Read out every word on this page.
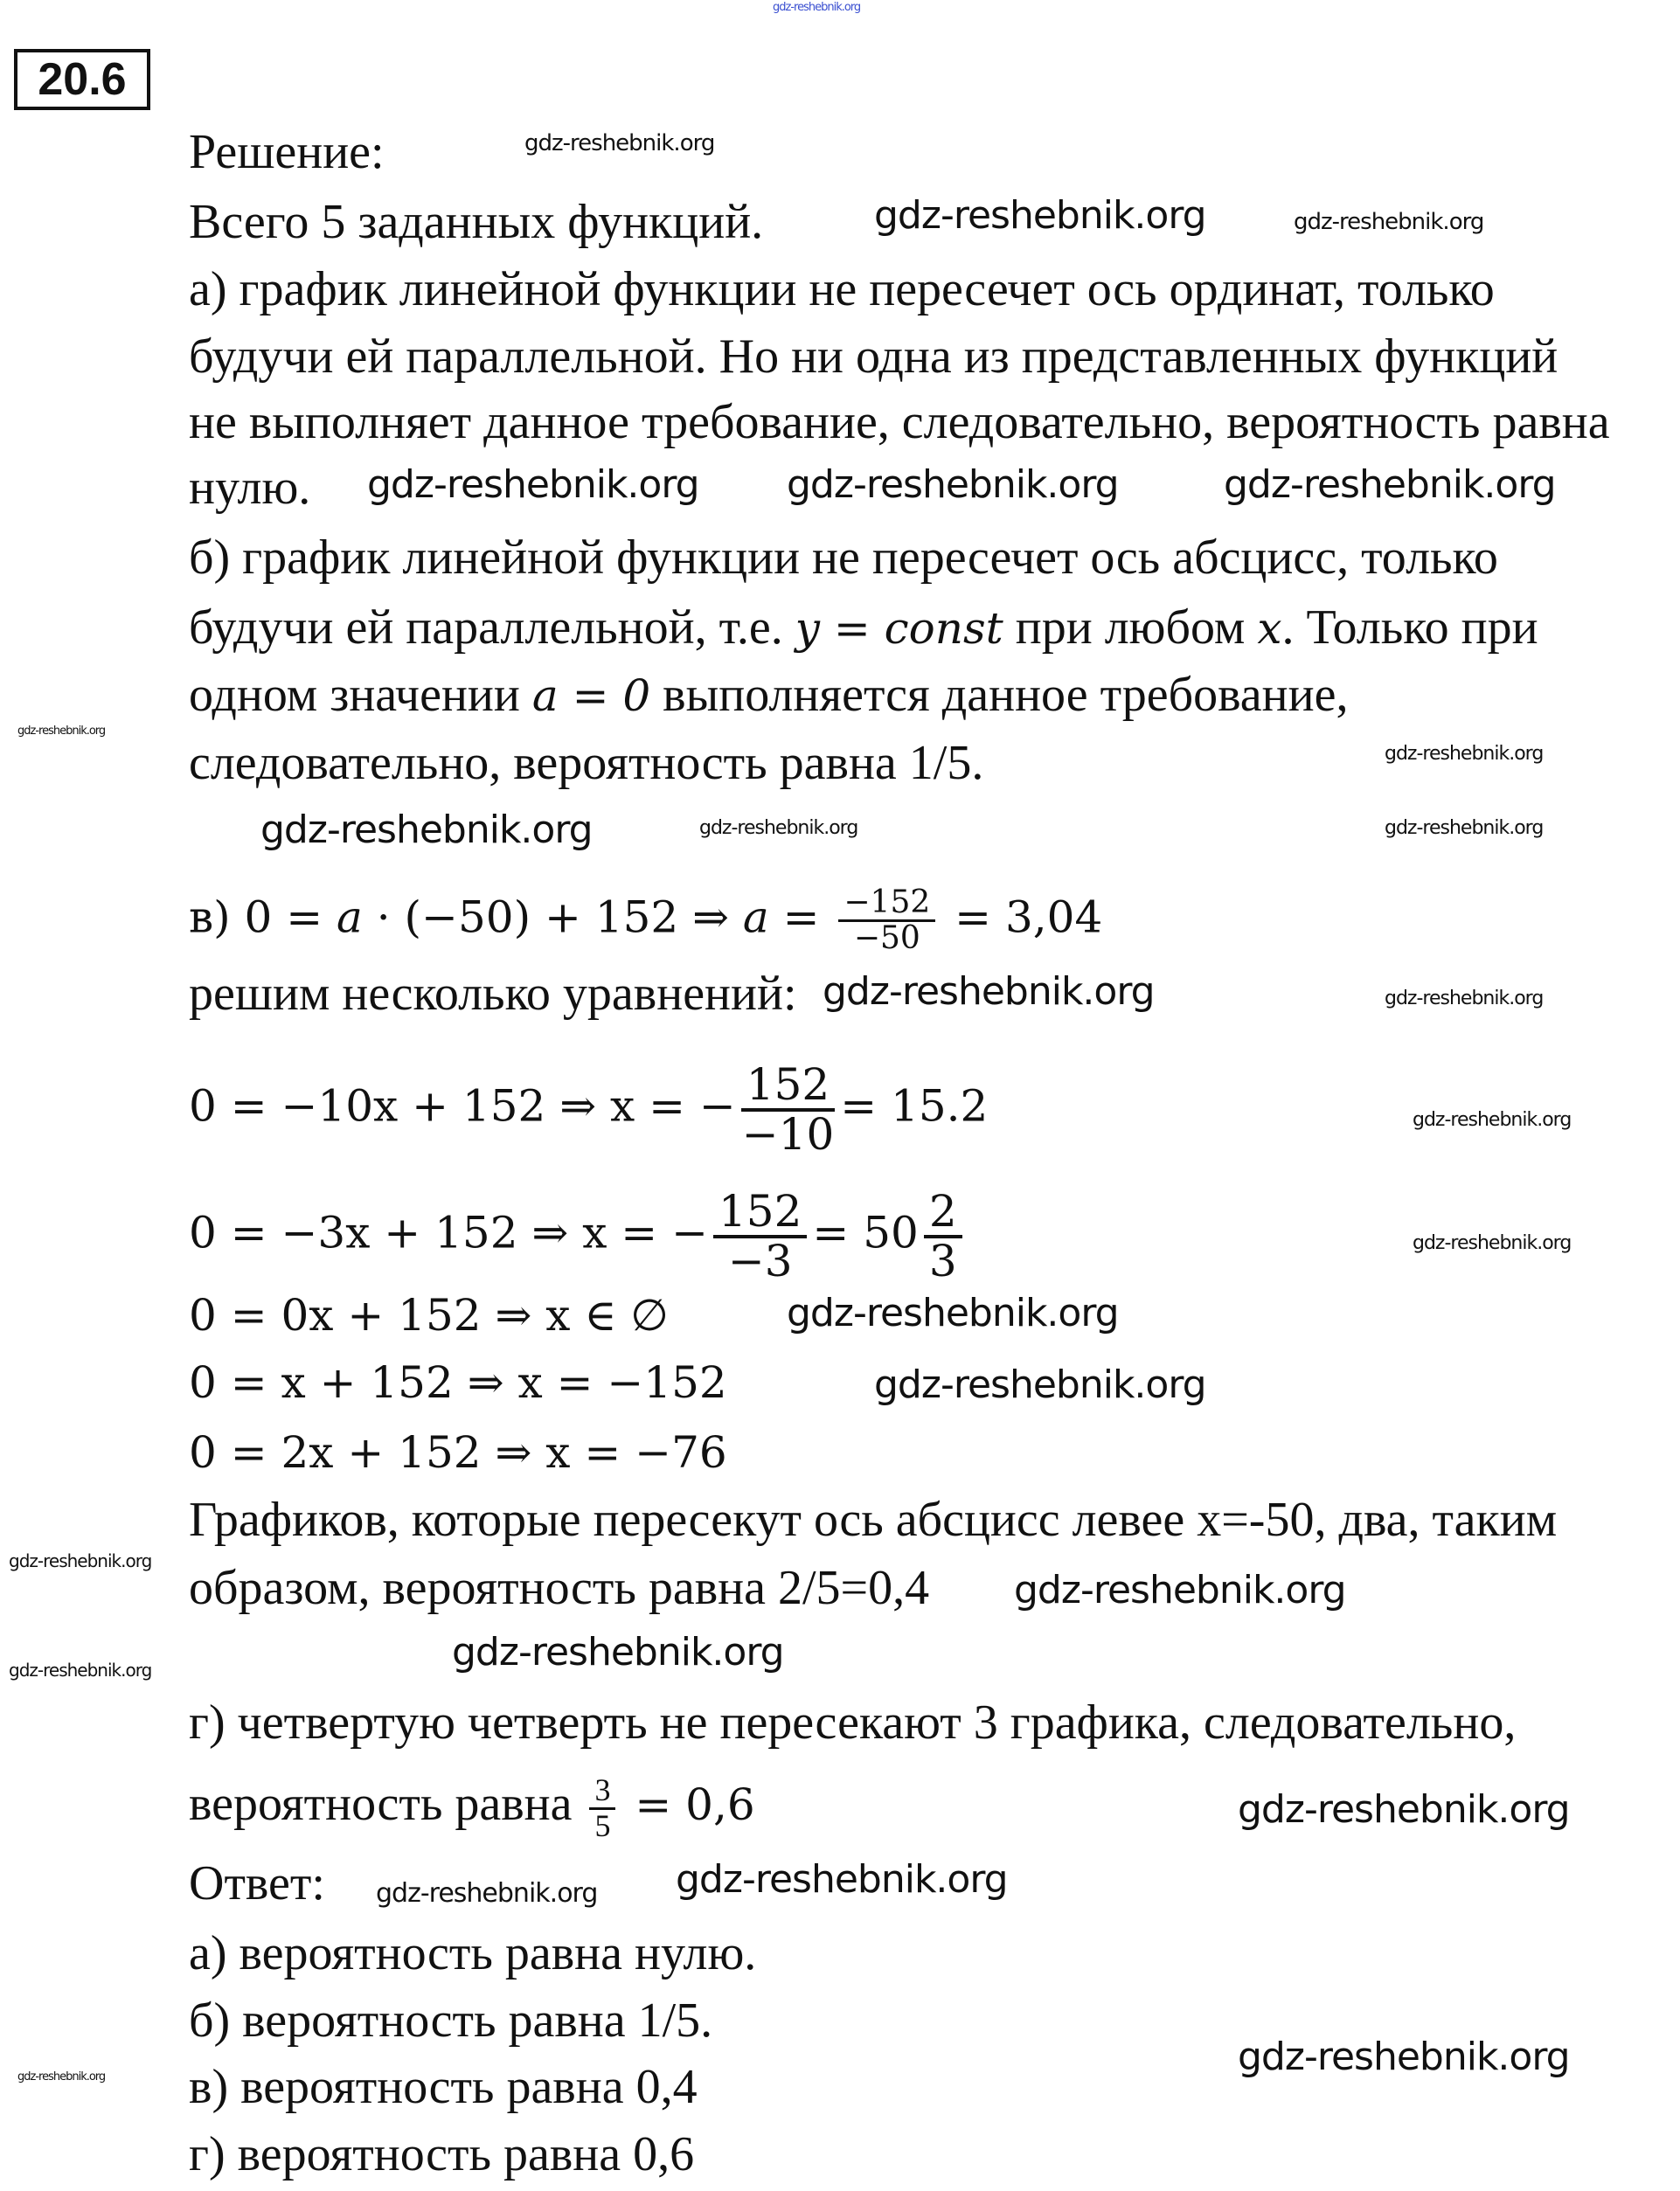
20.6
Решение:
Всего 5 заданных функций.
а) график линейной функции не пересечет ось ординат, только
будучи ей параллельной. Но ни одна из представленных функций
не выполняет данное требование, следовательно, вероятность равна
нулю.
б) график линейной функции не пересечет ось абсцисс, только
будучи ей параллельной, т.е. y = const при любом x. Только при
одном значении a = 0 выполняется данное требование,
следовательно, вероятность равна 1/5.
в) 0 = a · (−50) + 152 ⇒ $a = \frac{-152}{-50} = 3,04$
решим несколько уравнений:
0 = −10x + 152 ⇒ x = − $\frac{152}{-10} = 15.2$
0 = −3x + 152 ⇒ x = − $\frac{152}{-3} = 50 \frac{2}{3}$
0 = 0x + 152 ⇒ x ∈ ∅
0 = x + 152 ⇒ x = −152
0 = 2x + 152 ⇒ x = −76
Графиков, которые пересекут ось абсцисс левее x=-50, два, таким
образом, вероятность равна 2/5=0,4
г) четвертую четверть не пересекают 3 графика, следовательно,
вероятность равна $\frac{3}{5} = 0,6$
Ответ:
а) вероятность равна нулю.
б) вероятность равна 1/5.
в) вероятность равна 0,4
г) вероятность равна 0,6
gdz-reshebnik.org
gdz-reshebnik.org
gdz-reshebnik.org	gdz-reshebnik.org
gdz-reshebnik.org gdz-reshebnik.org	gdz-reshebnik.org
gdz-reshebnik.org
gdz-reshebnik.org
gdz-reshebnik.org
gdz-reshebnik.org
gdz-reshebnik.org
gdz-reshebnik.org	gdz-reshebnik.org
gdz-reshebnik.org
gdz-reshebnik.org
gdz-reshebnik.org
gdz-reshebnik.org
gdz-reshebnik.org
gdz-reshebnik.org
gdz-reshebnik.org
gdz-reshebnik.org
gdz-reshebnik.org
gdz-reshebnik.org
gdz-reshebnik.org
gdz-reshebnik.org
gdz-reshebnik.org
